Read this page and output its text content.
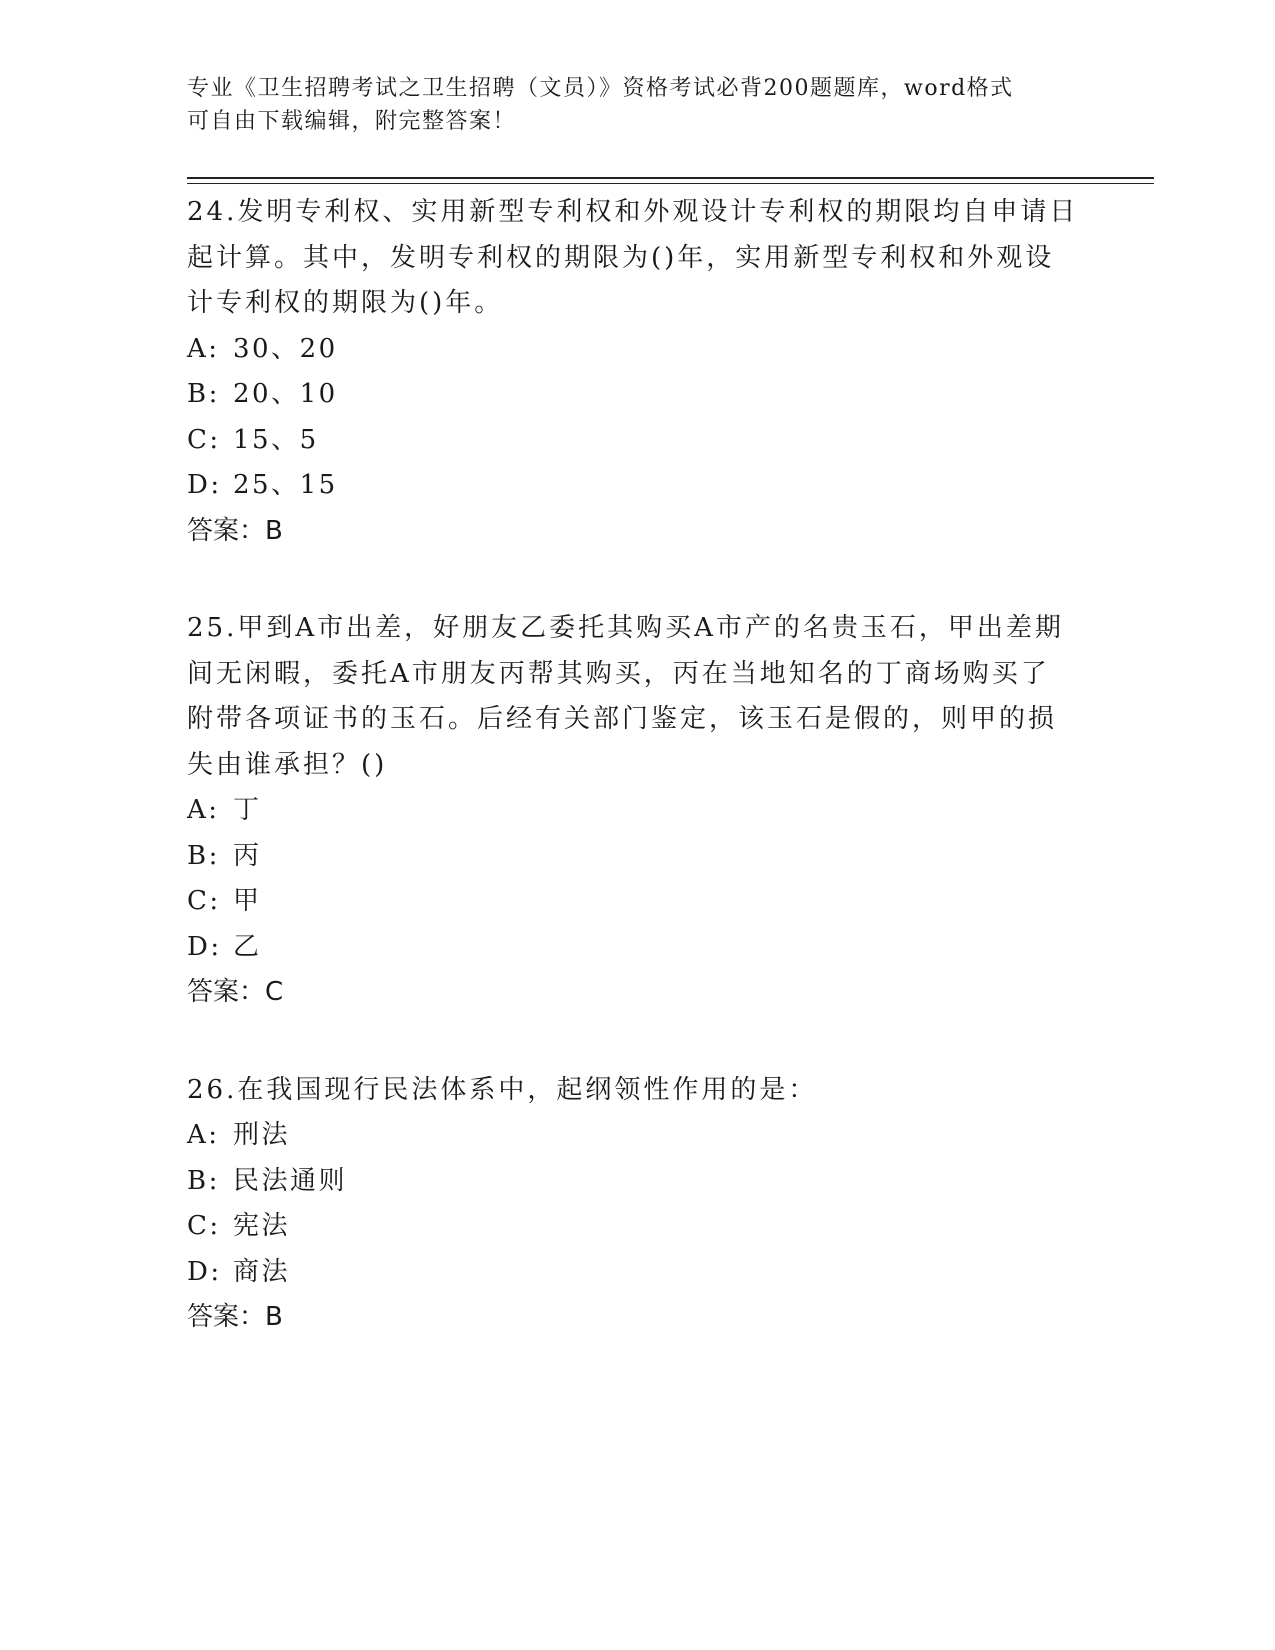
专业《卫生招聘考试之卫生招聘（文员）》资格考试必背200题题库，word格式
可自由下载编辑，附完整答案！
24.发明专利权、实用新型专利权和外观设计专利权的期限均自申请日
起计算。其中，发明专利权的期限为()年，实用新型专利权和外观设
计专利权的期限为()年。
A: 30、20
B: 20、10
C: 15、5
D: 25、15
答案：B
25.甲到A市出差，好朋友乙委托其购买A市产的名贵玉石，甲出差期
间无闲暇，委托A市朋友丙帮其购买，丙在当地知名的丁商场购买了
附带各项证书的玉石。后经有关部门鉴定，该玉石是假的，则甲的损
失由谁承担？()
A: 丁
B: 丙
C: 甲
D: 乙
答案：C
26.在我国现行民法体系中，起纲领性作用的是：
A: 刑法
B: 民法通则
C: 宪法
D: 商法
答案：B
